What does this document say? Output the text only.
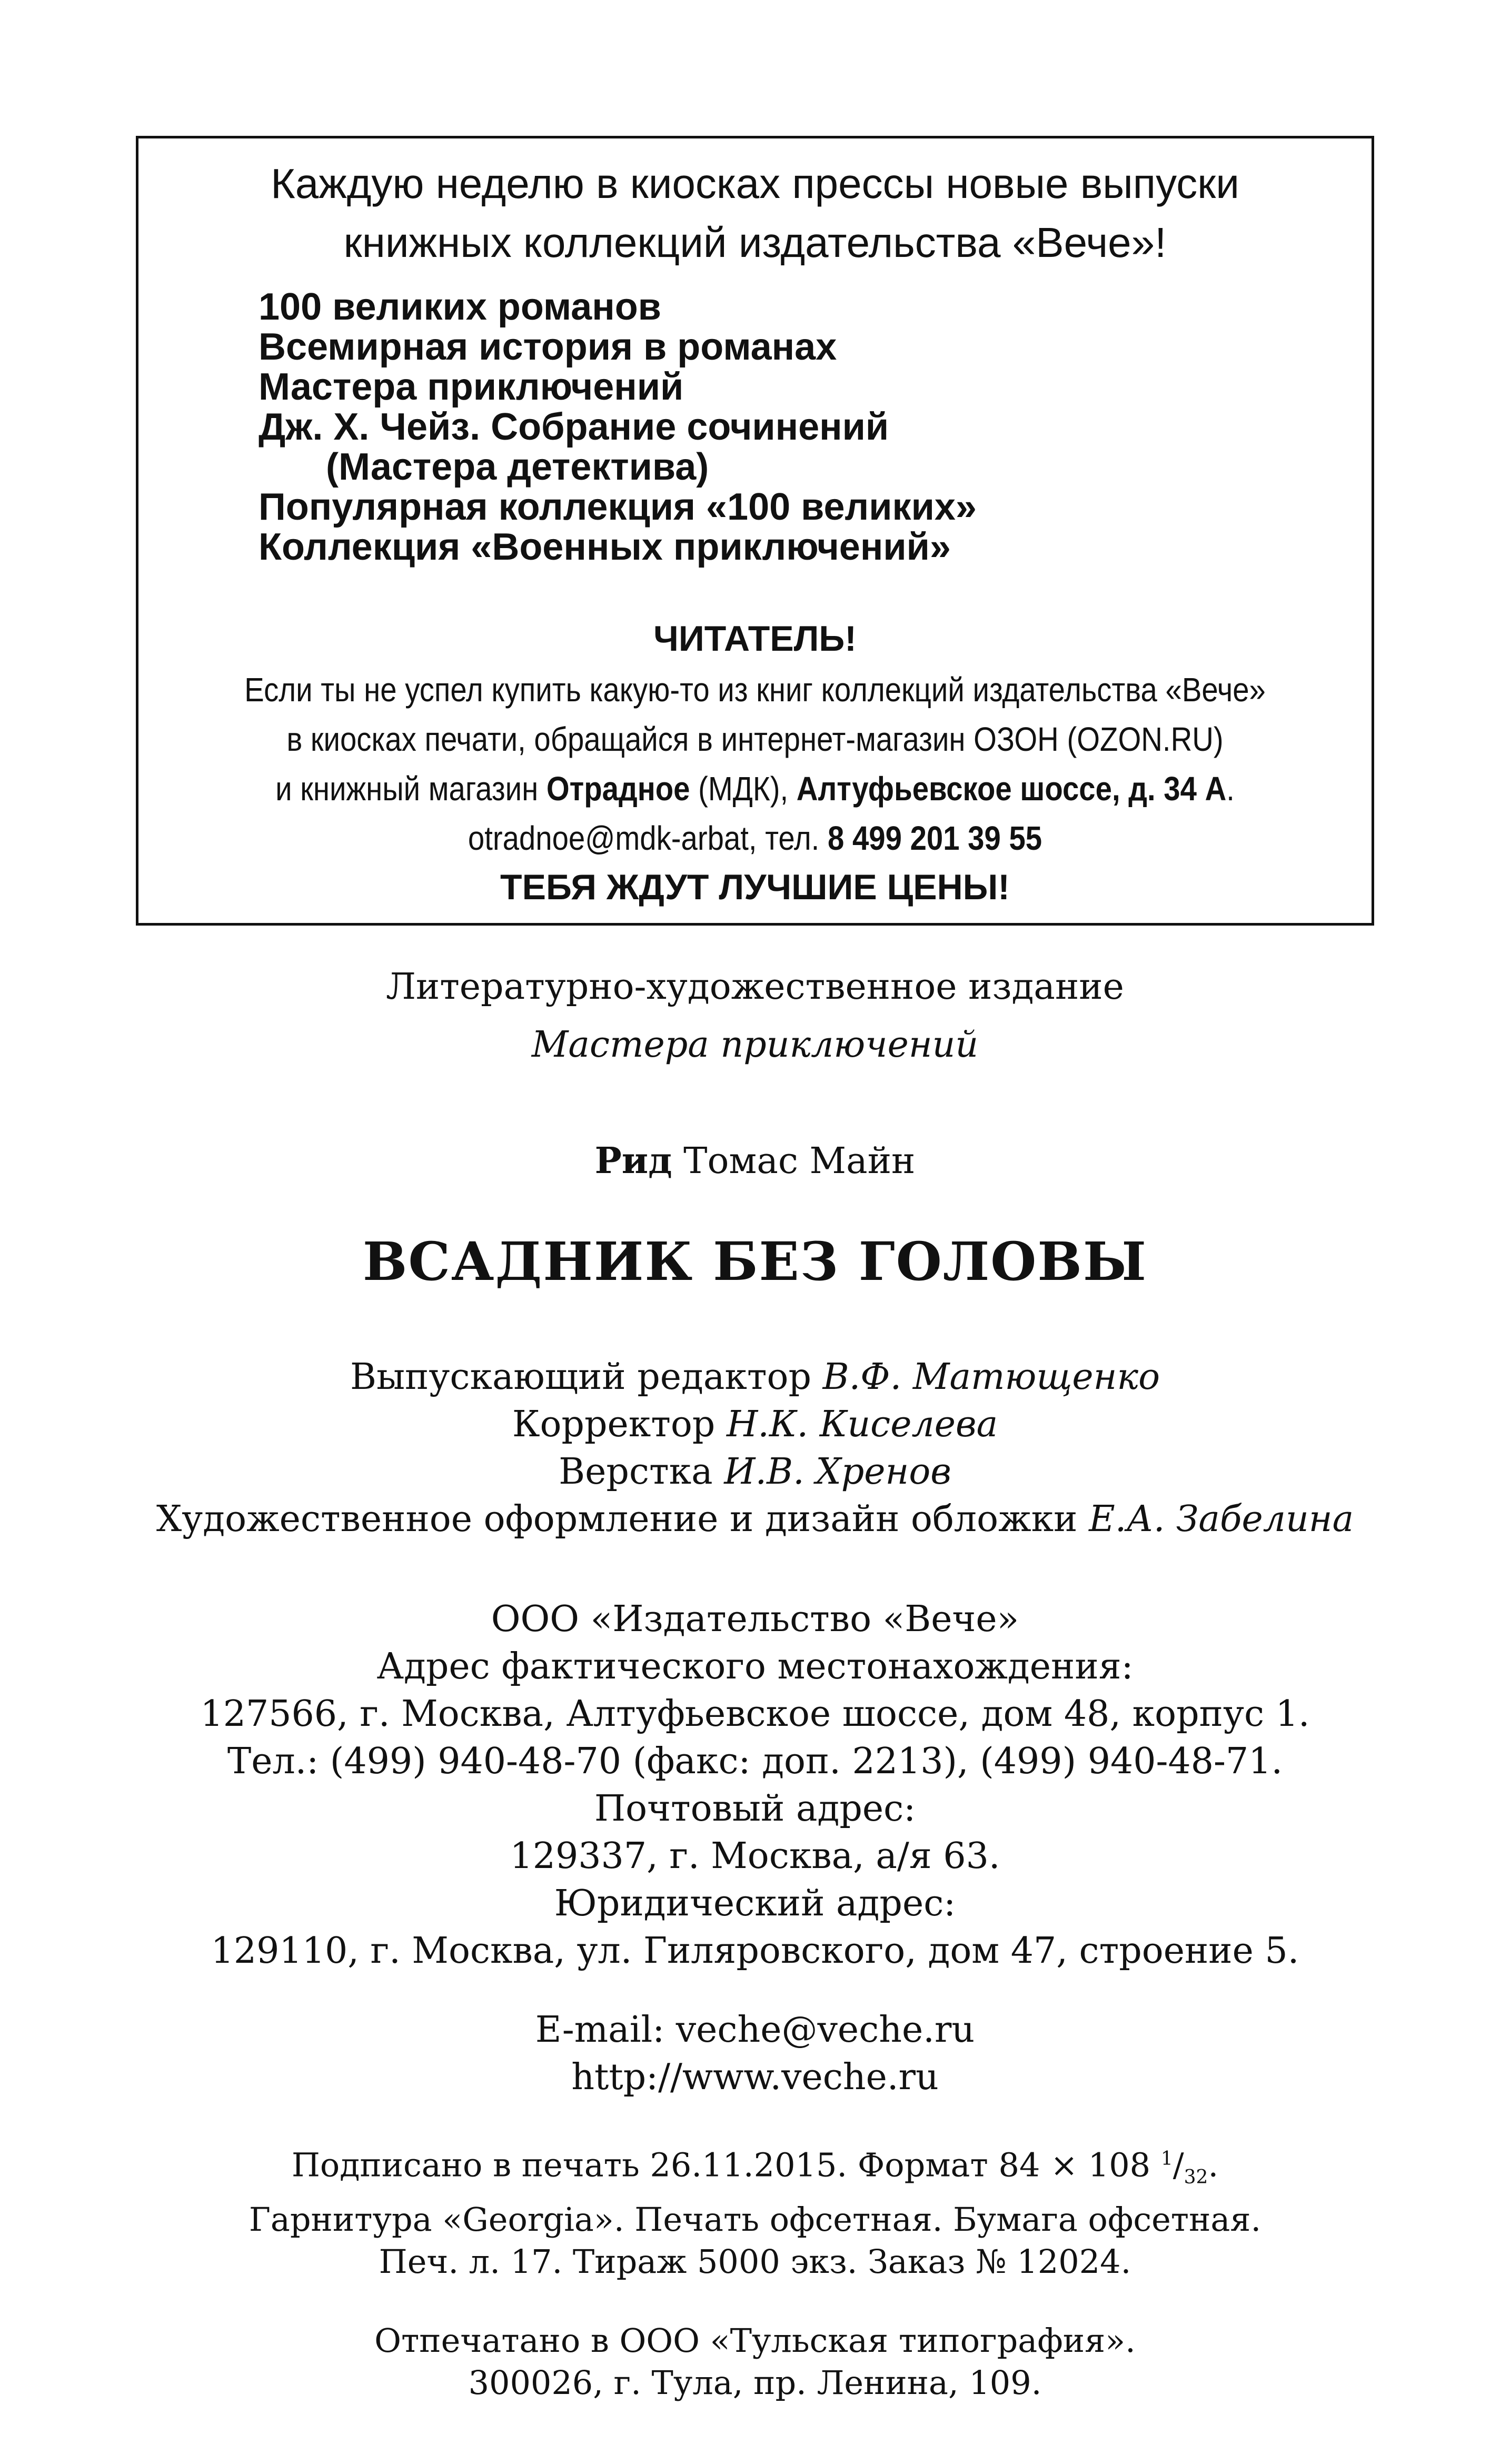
Каждую неделю в киосках прессы новые выпуски
книжных коллекций издательства «Вече»!
100 великих романов
Всемирная история в романах
Мастера приключений
Дж. Х. Чейз. Собрание сочинений
(Мастера детектива)
Популярная коллекция «100 великих»
Коллекция «Военных приключений»
ЧИТАТЕЛЬ!
Если ты не успел купить какую-то из книг коллекций издательства «Вече»
в киосках печати, обращайся в интернет-магазин ОЗОН (OZON.RU)
и книжный магазин Отрадное (МДК), Алтуфьевское шоссе, д. 34 А.
otradnoe@mdk-arbat, тел. 8 499 201 39 55
ТЕБЯ ЖДУТ ЛУЧШИЕ ЦЕНЫ!
Литературно-художественное издание
Мастера приключений
Рид Томас Майн
ВСАДНИК БЕЗ ГОЛОВЫ
Выпускающий редактор В.Ф. Матющенко
Корректор Н.К. Киселева
Верстка И.В. Хренов
Художественное оформление и дизайн обложки Е.А. Забелина
ООО «Издательство «Вече»
Адрес фактического местонахождения:
127566, г. Москва, Алтуфьевское шоссе, дом 48, корпус 1.
Тел.: (499) 940-48-70 (факс: доп. 2213), (499) 940-48-71.
Почтовый адрес:
129337, г. Москва, а/я 63.
Юридический адрес:
129110, г. Москва, ул. Гиляровского, дом 47, строение 5.
E-mail: veche@veche.ru
http://www.veche.ru
Подписано в печать 26.11.2015. Формат 84 × 108 $^1/_{32}$.
Гарнитура «Georgia». Печать офсетная. Бумага офсетная.
Печ. л. 17. Тираж 5000 экз. Заказ № 12024.
Отпечатано в ООО «Тульская типография».
300026, г. Тула, пр. Ленина, 109.
